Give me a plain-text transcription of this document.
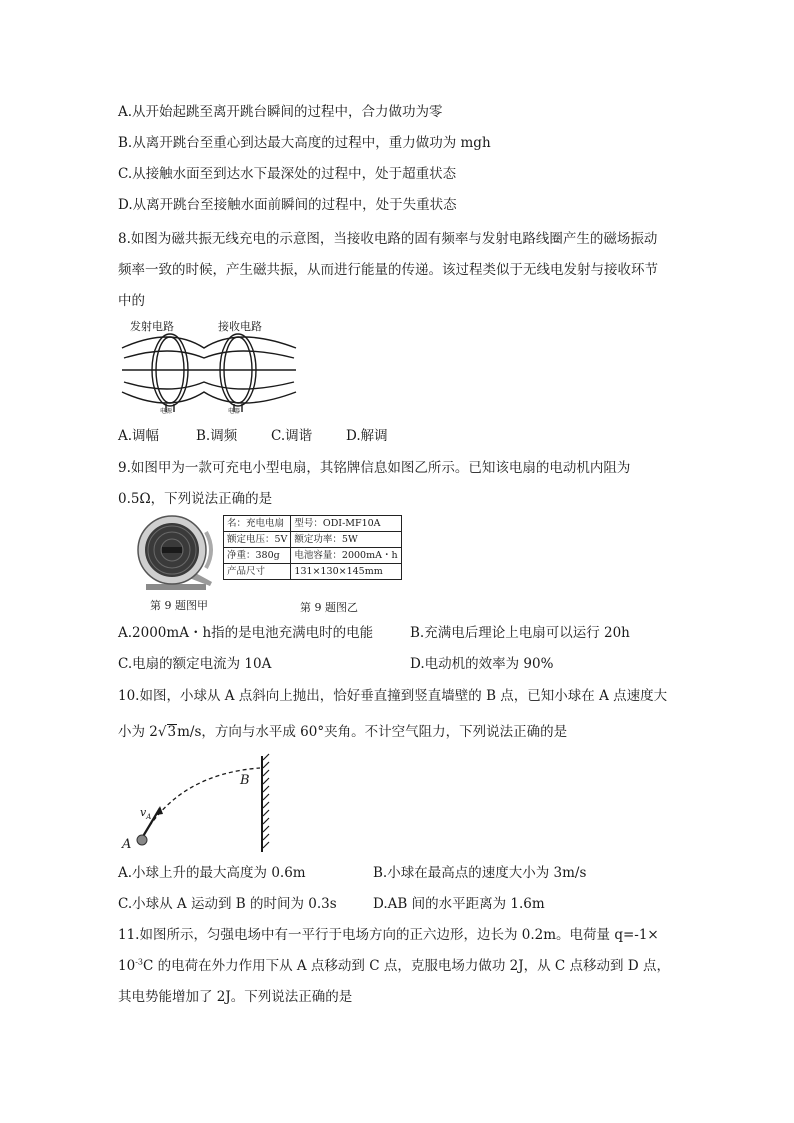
A.从开始起跳至离开跳台瞬间的过程中，合力做功为零
B.从离开跳台至重心到达最大高度的过程中，重力做功为 mgh
C.从接触水面至到达水下最深处的过程中，处于超重状态
D.从离开跳台至接触水面前瞬间的过程中，处于失重状态
8.如图为磁共振无线充电的示意图，当接收电路的固有频率与发射电路线圈产生的磁场振动
频率一致的时候，产生磁共振，从而进行能量的传递。该过程类似于无线电发射与接收环节
中的
发射电路	接收电路
电源	电器
A.调幅	B.调频	C.调谐	D.解调
9.如图甲为一款可充电小型电扇，其铭牌信息如图乙所示。已知该电扇的电动机内阻为
0.5Ω，下列说法正确的是
第 9 题图甲
名：充电电扇	型号：ODI-MF10A
额定电压：5V	额定功率：5W
净重：380g	电池容量：2000mA・h
产品尺寸	131×130×145mm
第 9 题图乙
A.2000mA・h指的是电池充满电时的电能	B.充满电后理论上电扇可以运行 20h
C.电扇的额定电流为 10A	D.电动机的效率为 90%
10.如图，小球从 A 点斜向上抛出，恰好垂直撞到竖直墙壁的 B 点，已知小球在 A 点速度大
小为 2√3m/s，方向与水平成 60°夹角。不计空气阻力，下列说法正确的是
B
A
$v_A$
A.小球上升的最大高度为 0.6m	B.小球在最高点的速度大小为 3m/s
C.小球从 A 运动到 B 的时间为 0.3s	D.AB 间的水平距离为 1.6m
11.如图所示，匀强电场中有一平行于电场方向的正六边形，边长为 0.2m。电荷量 q=-1×
$10^{-3}C$ 的电荷在外力作用下从 A 点移动到 C 点，克服电场力做功 2J，从 C 点移动到 D 点，
其电势能增加了 2J。下列说法正确的是
